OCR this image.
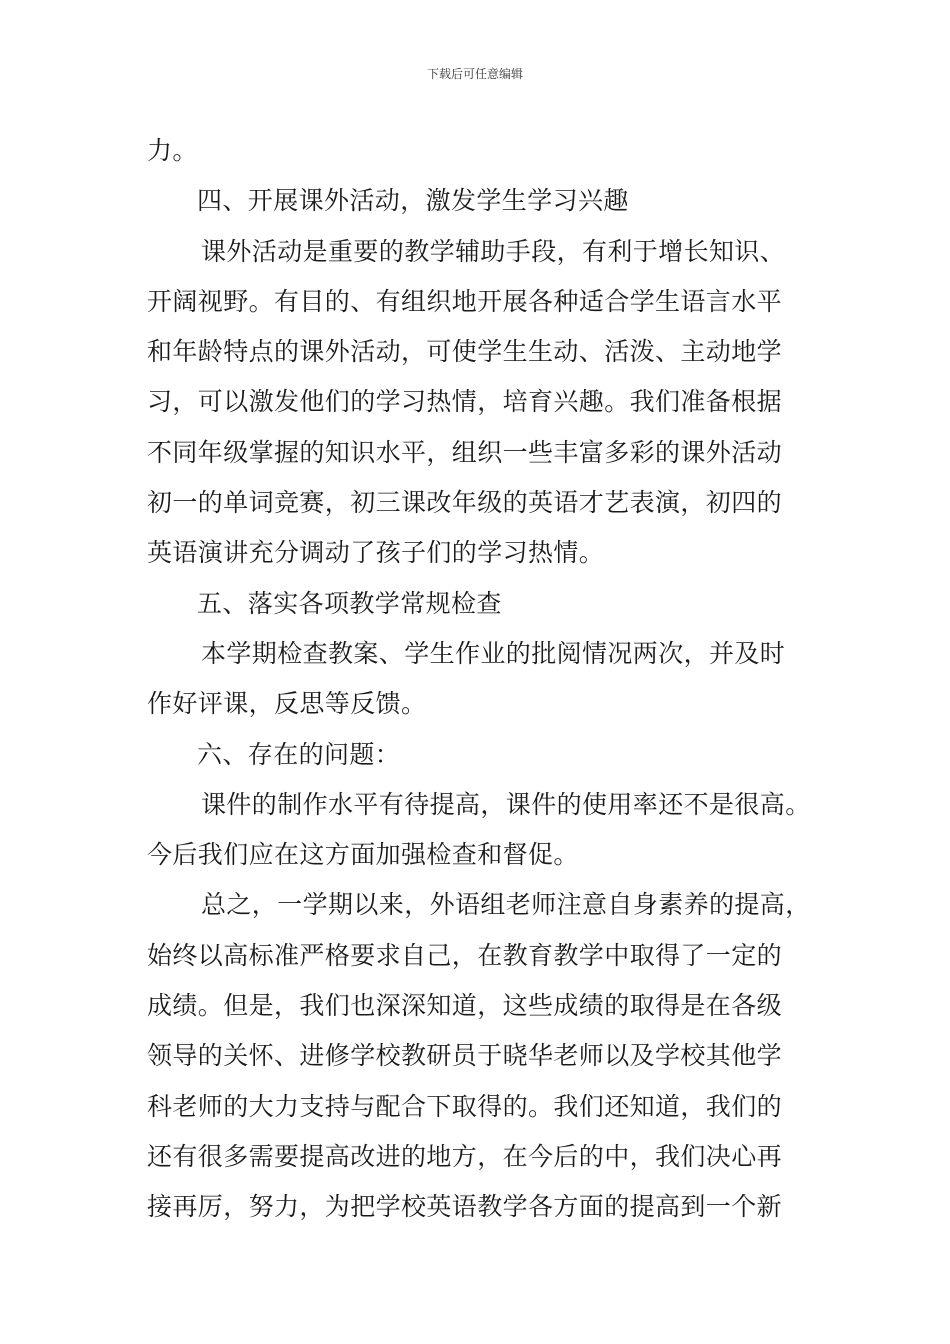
下载后可任意编辑
力。
四、开展课外活动，激发学生学习兴趣
课外活动是重要的教学辅助手段，有利于增长知识、
开阔视野。有目的、有组织地开展各种适合学生语言水平
和年龄特点的课外活动，可使学生生动、活泼、主动地学
习，可以激发他们的学习热情，培育兴趣。我们准备根据
不同年级掌握的知识水平，组织一些丰富多彩的课外活动
初一的单词竞赛，初三课改年级的英语才艺表演，初四的
英语演讲充分调动了孩子们的学习热情。
五、落实各项教学常规检查
本学期检查教案、学生作业的批阅情况两次，并及时
作好评课，反思等反馈。
六、存在的问题：
课件的制作水平有待提高，课件的使用率还不是很高。
今后我们应在这方面加强检查和督促。
总之，一学期以来，外语组老师注意自身素养的提高，
始终以高标准严格要求自己，在教育教学中取得了一定的
成绩。但是，我们也深深知道，这些成绩的取得是在各级
领导的关怀、进修学校教研员于晓华老师以及学校其他学
科老师的大力支持与配合下取得的。我们还知道，我们的
还有很多需要提高改进的地方，在今后的中，我们决心再
接再厉，努力，为把学校英语教学各方面的提高到一个新
